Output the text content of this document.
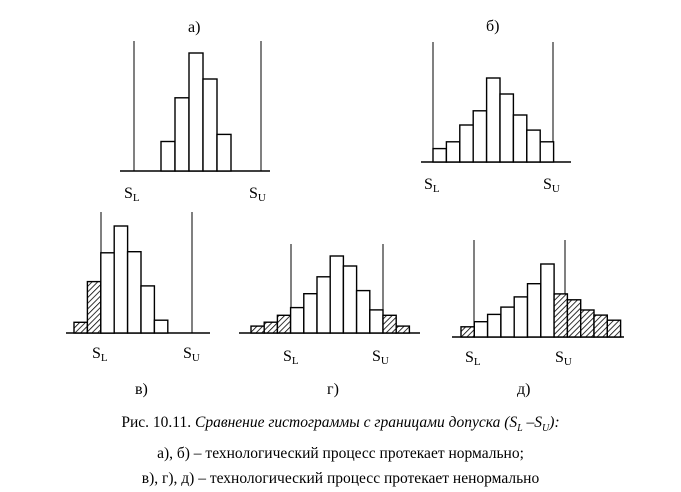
а)
SL	SU
б)
SL	SU
в)
SL	SU
г)
SL	SU
д)
SL	SU
Рис. 10.11. Сравнение гистограммы с границами допуска ($S_L$ $-S_U$):
а), б) – технологический процесс протекает нормально;
в), г), д) – технологический процесс протекает ненормально
